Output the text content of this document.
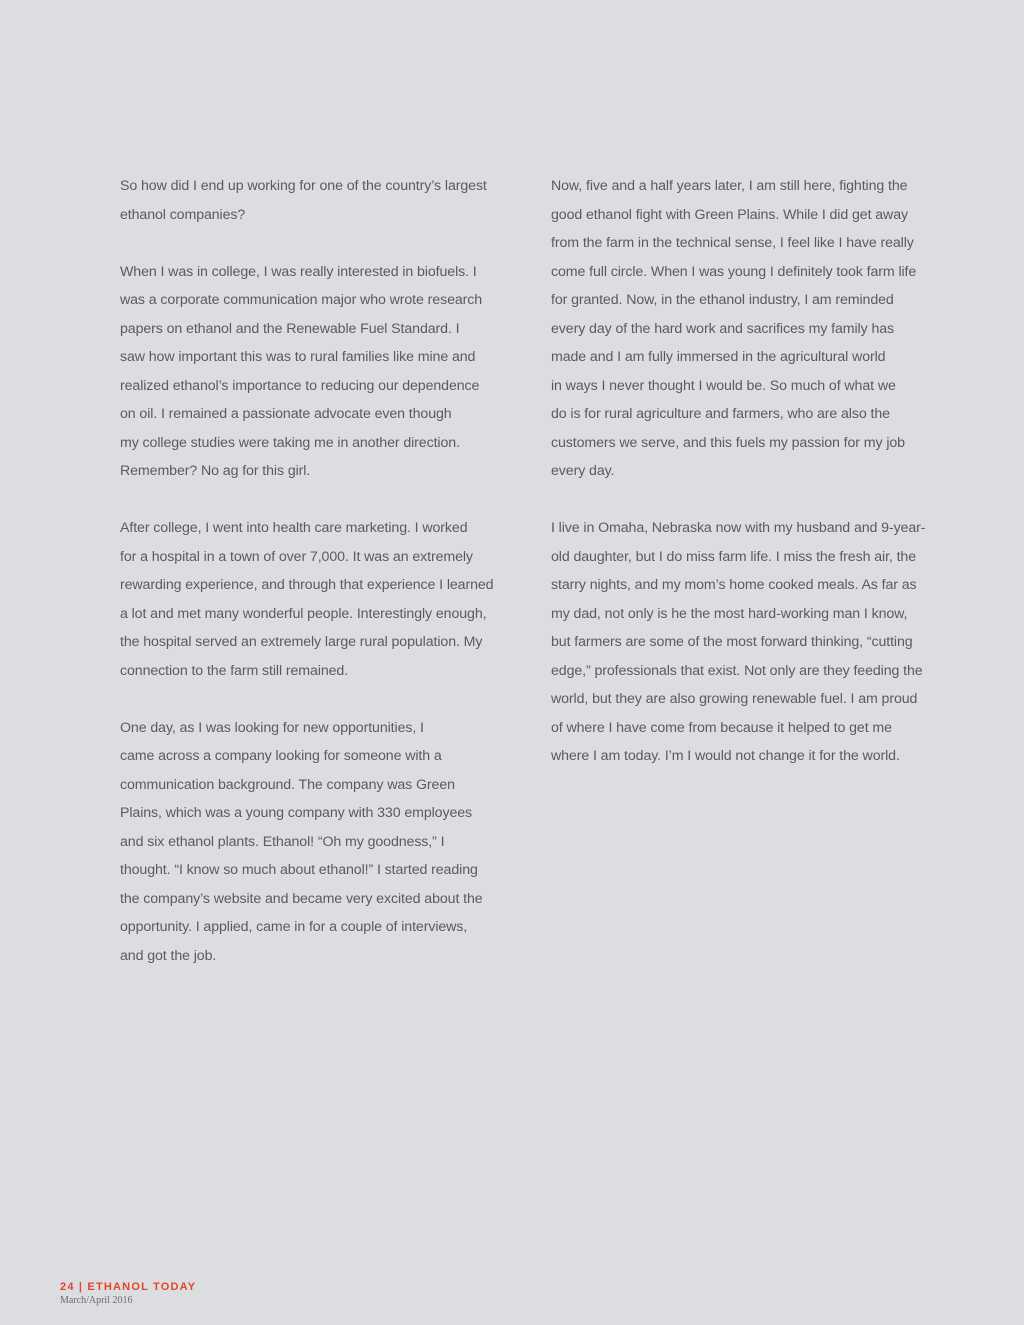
So how did I end up working for one of the country’s largest
ethanol companies?

When I was in college, I was really interested in biofuels. I
was a corporate communication major who wrote research
papers on ethanol and the Renewable Fuel Standard. I
saw how important this was to rural families like mine and
realized ethanol’s importance to reducing our dependence
on oil. I remained a passionate advocate even though
my college studies were taking me in another direction.
Remember? No ag for this girl.

After college, I went into health care marketing. I worked
for a hospital in a town of over 7,000. It was an extremely
rewarding experience, and through that experience I learned
a lot and met many wonderful people. Interestingly enough,
the hospital served an extremely large rural population. My
connection to the farm still remained.

One day, as I was looking for new opportunities, I
came across a company looking for someone with a
communication background. The company was Green
Plains, which was a young company with 330 employees
and six ethanol plants. Ethanol! “Oh my goodness,” I
thought. “I know so much about ethanol!” I started reading
the company’s website and became very excited about the
opportunity. I applied, came in for a couple of interviews,
and got the job.

Now, five and a half years later, I am still here, fighting the
good ethanol fight with Green Plains. While I did get away
from the farm in the technical sense, I feel like I have really
come full circle. When I was young I definitely took farm life
for granted. Now, in the ethanol industry, I am reminded
every day of the hard work and sacrifices my family has
made and I am fully immersed in the agricultural world
in ways I never thought I would be. So much of what we
do is for rural agriculture and farmers, who are also the
customers we serve, and this fuels my passion for my job
every day.

I live in Omaha, Nebraska now with my husband and 9-year-
old daughter, but I do miss farm life. I miss the fresh air, the
starry nights, and my mom’s home cooked meals. As far as
my dad, not only is he the most hard-working man I know,
but farmers are some of the most forward thinking, “cutting
edge,” professionals that exist. Not only are they feeding the
world, but they are also growing renewable fuel. I am proud
of where I have come from because it helped to get me
where I am today. I’m I would not change it for the world.

24 | ETHANOL TODAY
March/April 2016
